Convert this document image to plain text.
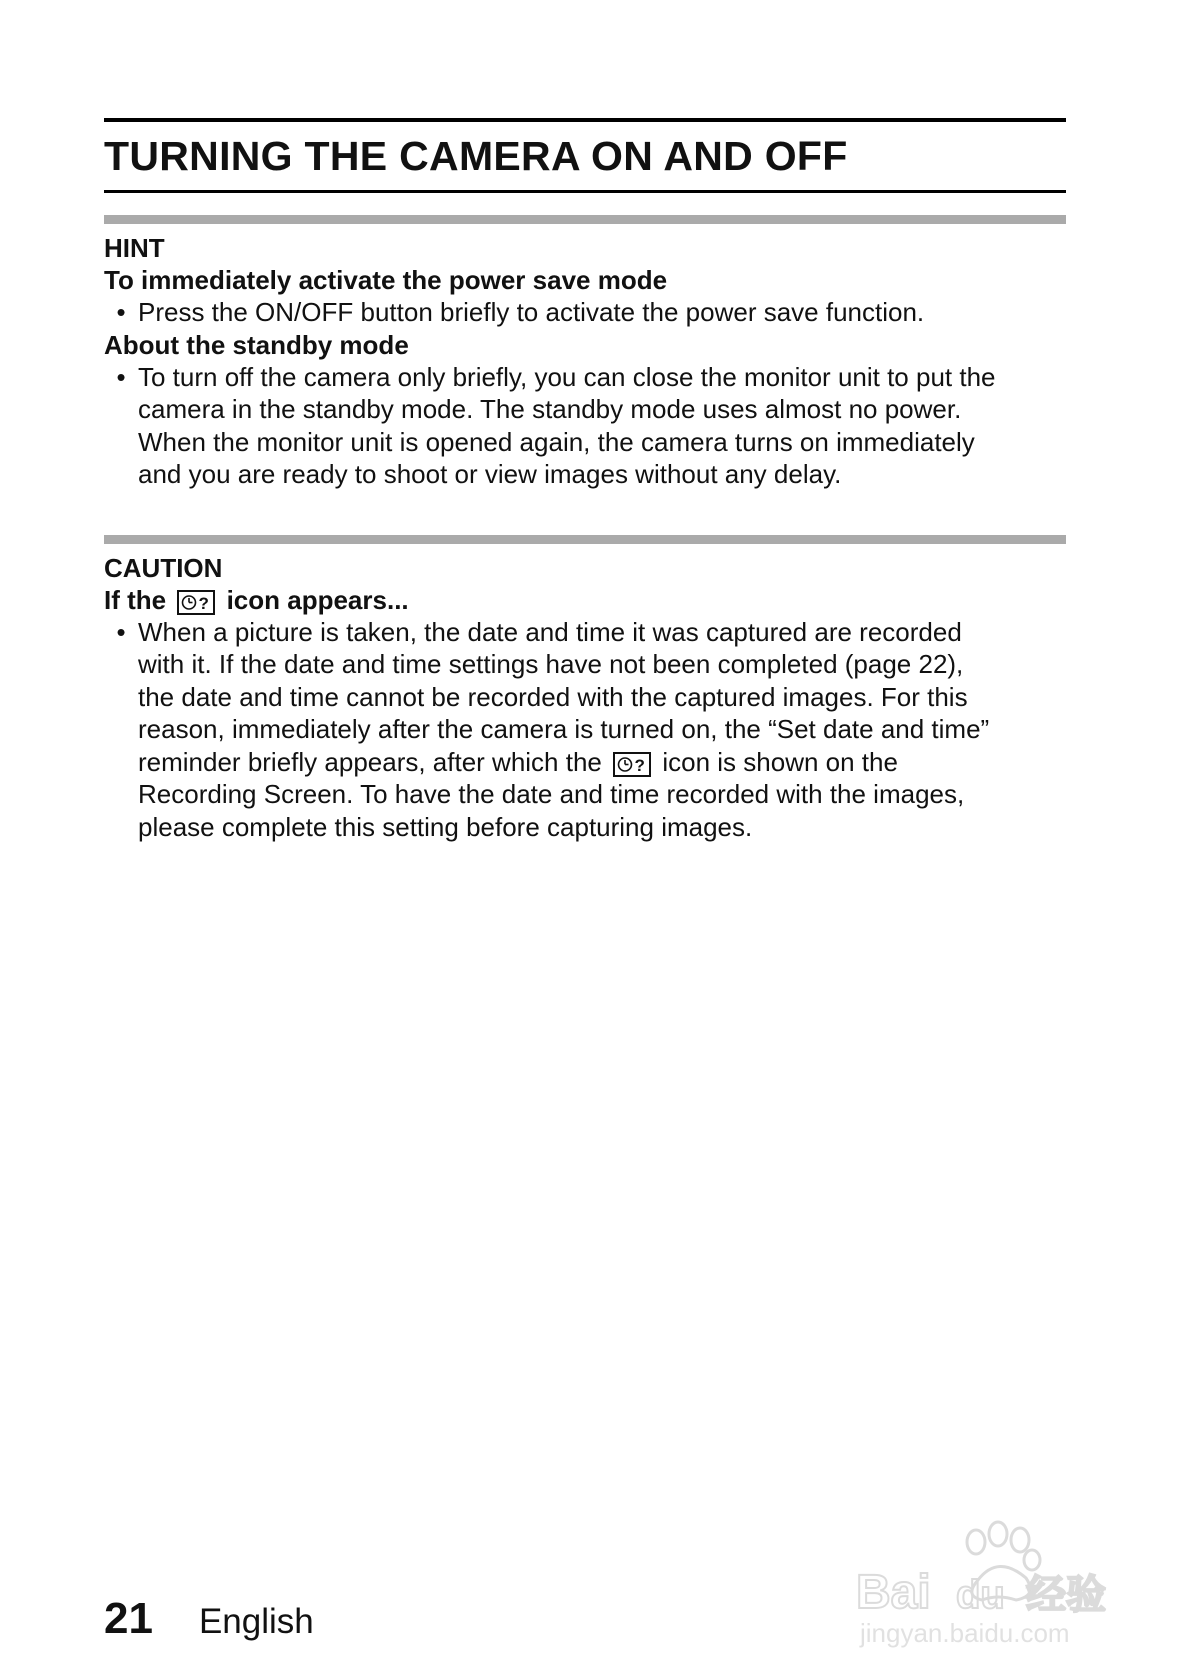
TURNING THE CAMERA ON AND OFF
HINT
To immediately activate the power save mode
• Press the ON/OFF button briefly to activate the power save function.
About the standby mode
• To turn off the camera only briefly, you can close the monitor unit to put the
camera in the standby mode. The standby mode uses almost no power.
When the monitor unit is opened again, the camera turns on immediately
and you are ready to shoot or view images without any delay.
CAUTION
If the ? icon appears...
• When a picture is taken, the date and time it was captured are recorded
with it. If the date and time settings have not been completed (page 22),
the date and time cannot be recorded with the captured images. For this
reason, immediately after the camera is turned on, the “Set date and time”
reminder briefly appears, after which the ? icon is shown on the
Recording Screen. To have the date and time recorded with the images,
please complete this setting before capturing images.
21 English
Bai du 经验
jingyan.baidu.com
